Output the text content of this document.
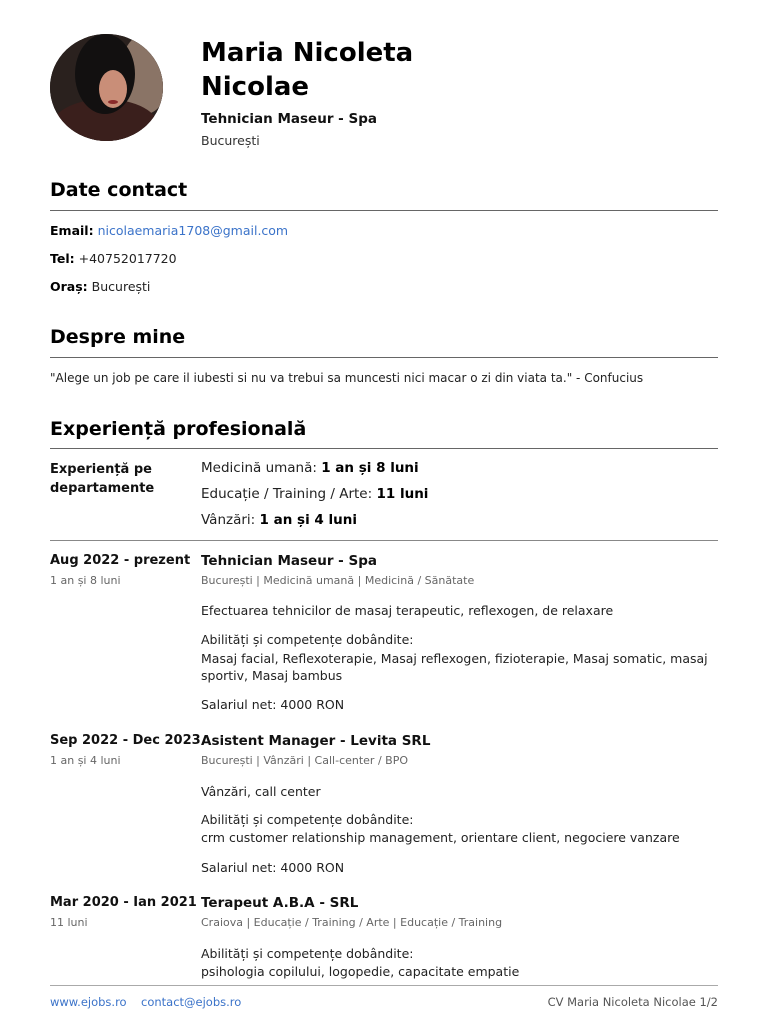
Maria Nicoleta
Nicolae
Tehnician Maseur - Spa
București
Date contact
Email: nicolaemaria1708@gmail.com
Tel: +40752017720
Oraș: București
Despre mine
"Alege un job pe care il iubesti si nu va trebui sa muncesti nici macar o zi din viata ta." - Confucius
Experiență profesională
Experiență pe departamente
Medicină umană: 1 an și 8 luni
Educație / Training / Arte: 11 luni
Vânzări: 1 an și 4 luni
Aug 2022 - prezent
1 an și 8 luni
Tehnician Maseur - Spa
București | Medicină umană | Medicină / Sănătate
Efectuarea tehnicilor de masaj terapeutic, reflexogen, de relaxare
Abilități și competențe dobândite:
Masaj facial, Reflexoterapie, Masaj reflexogen, fizioterapie, Masaj somatic, masaj
sportiv, Masaj bambus
Salariul net: 4000 RON
Sep 2022 - Dec 2023
1 an și 4 luni
Asistent Manager - Levita SRL
București | Vânzări | Call-center / BPO
Vânzări, call center
Abilități și competențe dobândite:
crm customer relationship management, orientare client, negociere vanzare
Salariul net: 4000 RON
Mar 2020 - Ian 2021
11 luni
Terapeut A.B.A - SRL
Craiova | Educație / Training / Arte | Educație / Training
Abilități și competențe dobândite:
psihologia copilului, logopedie, capacitate empatie
www.ejobs.ro contact@ejobs.ro	CV Maria Nicoleta Nicolae 1/2
